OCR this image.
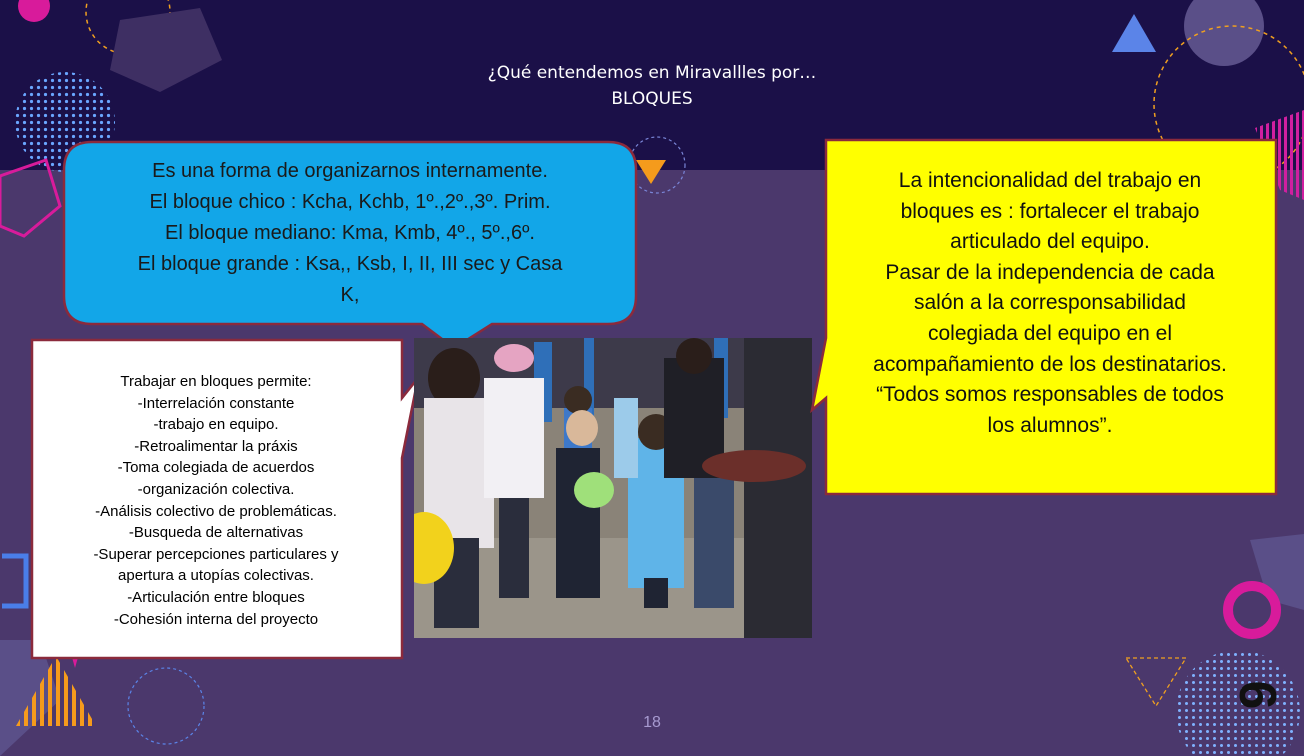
¿Qué entendemos en Miravallles por…
BLOQUES
Es una forma de organizarnos internamente.
El bloque chico : Kcha, Kchb, 1º.,2º.,3º. Prim.
El bloque mediano: Kma, Kmb, 4º., 5º.,6º.
El bloque grande : Ksa,, Ksb, I, II, III sec y Casa
K,
Trabajar en bloques permite:
-Interrelación constante
-trabajo en equipo.
-Retroalimentar la práxis
-Toma colegiada de acuerdos
-organización colectiva.
-Análisis colectivo de problemáticas.
-Busqueda de alternativas
-Superar percepciones particulares y
apertura a utopías colectivas.
-Articulación entre bloques
-Cohesión interna del proyecto
La intencionalidad del trabajo en
bloques es : fortalecer el trabajo
articulado del equipo.
Pasar de la independencia de cada
salón a la corresponsabilidad
colegiada del equipo en el
acompañamiento de los destinatarios.
“Todos somos responsables de todos
los alumnos”.
18
6
